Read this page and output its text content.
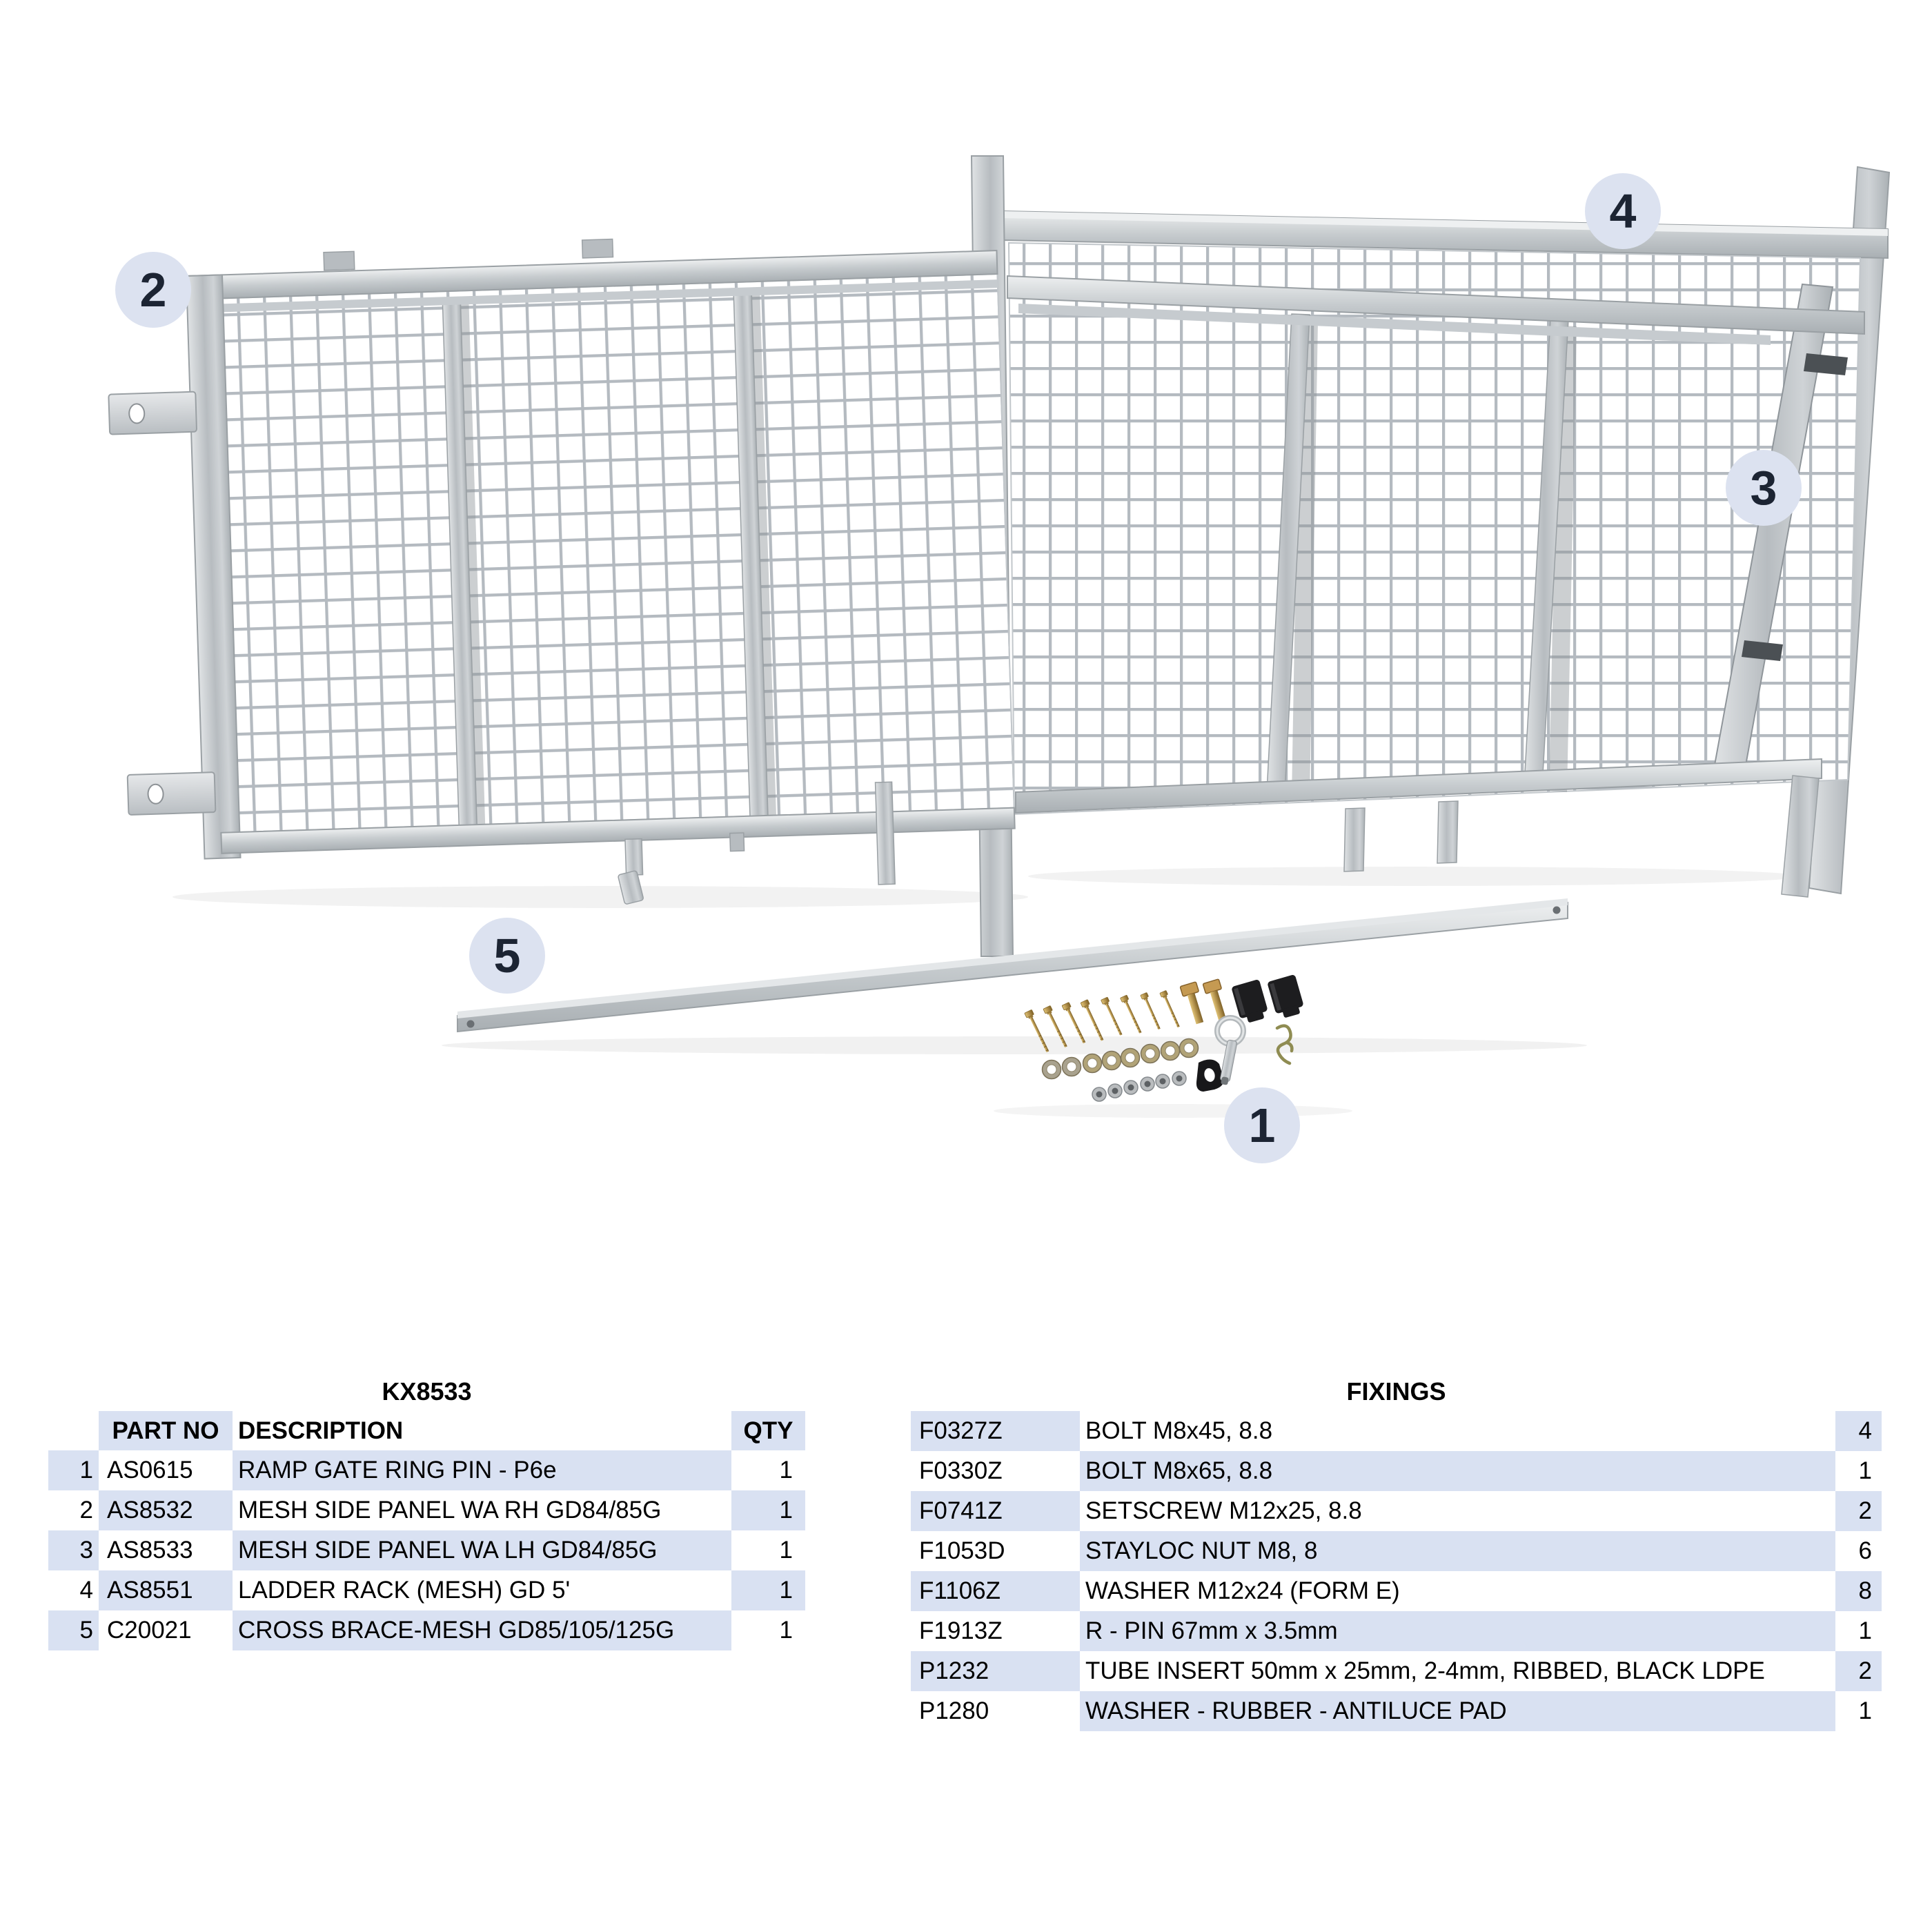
1
2
3
4
5
KX8533
	PART NO	DESCRIPTION	QTY
1	AS0615	RAMP GATE RING PIN - P6e	1
2	AS8532	MESH SIDE PANEL WA RH GD84/85G	1
3	AS8533	MESH SIDE PANEL WA LH GD84/85G	1
4	AS8551	LADDER RACK (MESH) GD 5'	1
5	C20021	CROSS BRACE-MESH GD85/105/125G	1
FIXINGS
F0327Z	BOLT M8x45, 8.8	4
F0330Z	BOLT M8x65, 8.8	1
F0741Z	SETSCREW M12x25, 8.8	2
F1053D	STAYLOC NUT M8, 8	6
F1106Z	WASHER M12x24 (FORM E)	8
F1913Z	R - PIN 67mm x 3.5mm	1
P1232	TUBE INSERT 50mm x 25mm, 2-4mm, RIBBED, BLACK LDPE	2
P1280	WASHER - RUBBER - ANTILUCE PAD	1
